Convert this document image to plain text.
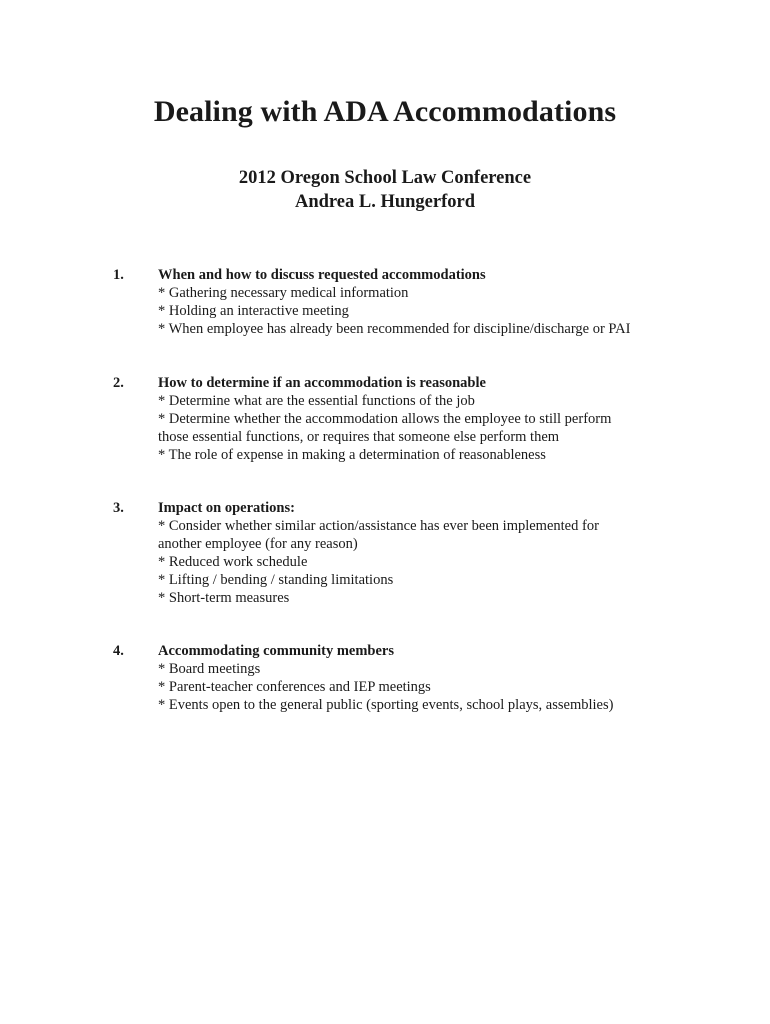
Dealing with ADA Accommodations
2012 Oregon School Law Conference
Andrea L. Hungerford
1. When and how to discuss requested accommodations
* Gathering necessary medical information
* Holding an interactive meeting
* When employee has already been recommended for discipline/discharge or PAI
2. How to determine if an accommodation is reasonable
* Determine what are the essential functions of the job
* Determine whether the accommodation allows the employee to still perform
those essential functions, or requires that someone else perform them
* The role of expense in making a determination of reasonableness
3. Impact on operations:
* Consider whether similar action/assistance has ever been implemented for
another employee (for any reason)
* Reduced work schedule
* Lifting / bending / standing limitations
* Short-term measures
4. Accommodating community members
* Board meetings
* Parent-teacher conferences and IEP meetings
* Events open to the general public (sporting events, school plays, assemblies)
